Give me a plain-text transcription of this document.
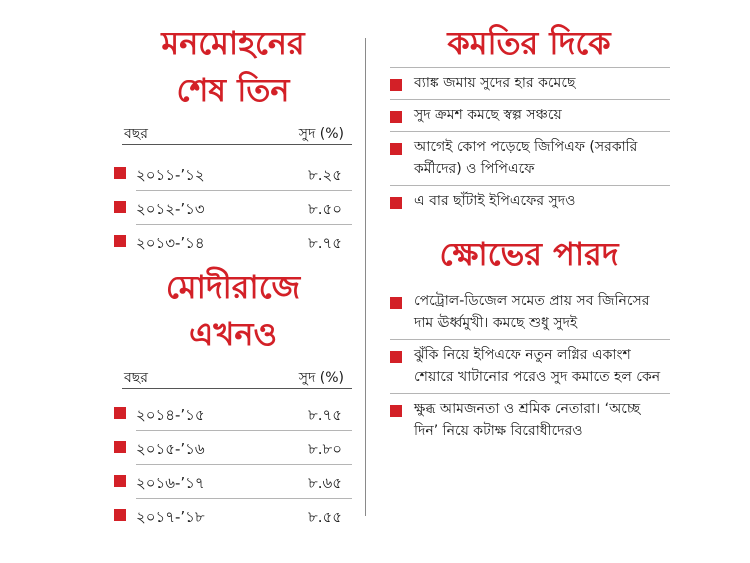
মনমোহনের
শেষ তিন
বছর	সুদ (%)
২০১১-’১২	৮.২৫
২০১২-’১৩	৮.৫০
২০১৩-’১৪	৮.৭৫
মোদীরাজে
এখনও
বছর	সুদ (%)
২০১৪-’১৫	৮.৭৫
২০১৫-’১৬	৮.৮০
২০১৬-’১৭	৮.৬৫
২০১৭-’১৮	৮.৫৫
কমতির দিকে
ব্যাঙ্ক জমায় সুদের হার কমেছে
সুদ ক্রমশ কমছে স্বল্প সঞ্চয়ে
আগেই কোপ পড়েছে জিপিএফ (সরকারি কর্মীদের) ও পিপিএফে
এ বার ছাঁটাই ইপিএফের সুদও
ক্ষোভের পারদ
পেট্রোল-ডিজেল সমেত প্রায় সব জিনিসের দাম ঊর্ধ্বমুখী। কমছে শুধু সুদই
ঝুঁকি নিয়ে ইপিএফে নতুন লগ্নির একাংশ শেয়ারে খাটানোর পরেও সুদ কমাতে হল কেন
ক্ষুব্ধ আমজনতা ও শ্রমিক নেতারা। ‘অচ্ছে দিন’ নিয়ে কটাক্ষ বিরোধীদেরও
